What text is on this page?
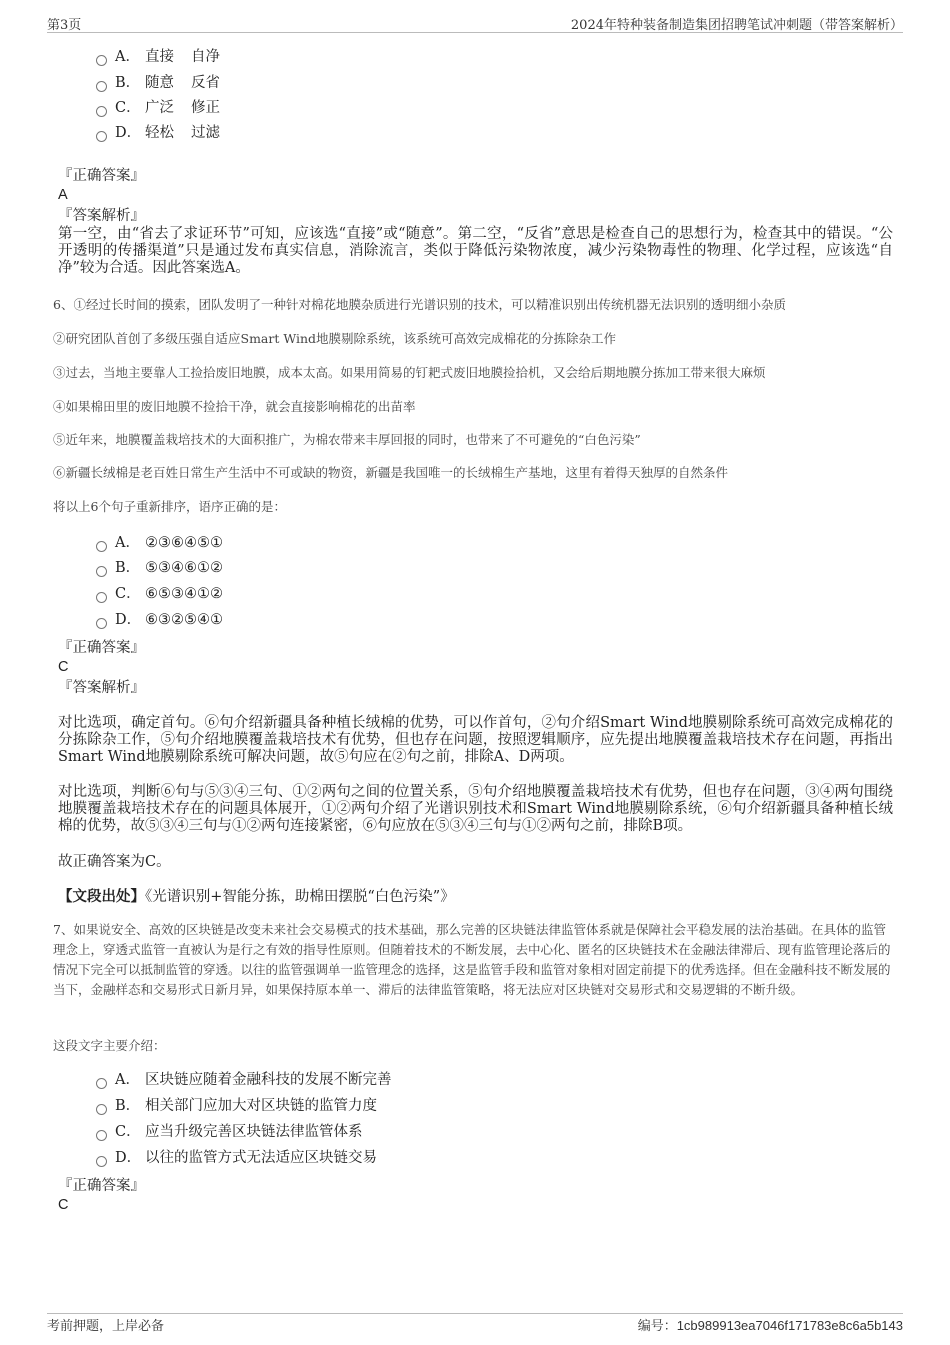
第3页	2024年特种装备制造集团招聘笔试冲刺题（带答案解析）
A． 直接 自净
B． 随意 反省
C． 广泛 修正
D． 轻松 过滤
『正确答案』
A
『答案解析』
第一空，由“省去了求证环节”可知，应该选“直接”或“随意”。第二空，“反省”意思是检查自己的思想行为，检查其中的错误。“公开透明的传播渠道”只是通过发布真实信息，消除流言，类似于降低污染物浓度，减少污染物毒性的物理、化学过程，应该选“自净”较为合适。因此答案选A。
6、①经过长时间的摸索，团队发明了一种针对棉花地膜杂质进行光谱识别的技术，可以精准识别出传统机器无法识别的透明细小杂质
②研究团队首创了多级压强自适应Smart Wind地膜剔除系统，该系统可高效完成棉花的分拣除杂工作
③过去，当地主要靠人工捡拾废旧地膜，成本太高。如果用简易的钉耙式废旧地膜捡拾机，又会给后期地膜分拣加工带来很大麻烦
④如果棉田里的废旧地膜不捡拾干净，就会直接影响棉花的出苗率
⑤近年来，地膜覆盖栽培技术的大面积推广，为棉农带来丰厚回报的同时，也带来了不可避免的“白色污染”
⑥新疆长绒棉是老百姓日常生产生活中不可或缺的物资，新疆是我国唯一的长绒棉生产基地，这里有着得天独厚的自然条件
将以上6个句子重新排序，语序正确的是：
A． ②③⑥④⑤①
B． ⑤③④⑥①②
C． ⑥⑤③④①②
D． ⑥③②⑤④①
『正确答案』
C
『答案解析』
对比选项，确定首句。⑥句介绍新疆具备种植长绒棉的优势，可以作首句，②句介绍Smart Wind地膜剔除系统可高效完成棉花的分拣除杂工作，⑤句介绍地膜覆盖栽培技术有优势，但也存在问题，按照逻辑顺序，应先提出地膜覆盖栽培技术存在问题，再指出Smart Wind地膜剔除系统可解决问题，故⑤句应在②句之前，排除A、D两项。
对比选项，判断⑥句与⑤③④三句、①②两句之间的位置关系，⑤句介绍地膜覆盖栽培技术有优势，但也存在问题，③④两句围绕地膜覆盖栽培技术存在的问题具体展开，①②两句介绍了光谱识别技术和Smart Wind地膜剔除系统，⑥句介绍新疆具备种植长绒棉的优势，故⑤③④三句与①②两句连接紧密，⑥句应放在⑤③④三句与①②两句之前，排除B项。
故正确答案为C。
【文段出处】《光谱识别+智能分拣，助棉田摆脱“白色污染”》
7、如果说安全、高效的区块链是改变未来社会交易模式的技术基础，那么完善的区块链法律监管体系就是保障社会平稳发展的法治基础。在具体的监管理念上，穿透式监管一直被认为是行之有效的指导性原则。但随着技术的不断发展，去中心化、匿名的区块链技术在金融法律滞后、现有监管理论落后的情况下完全可以抵制监管的穿透。以往的监管强调单一监管理念的选择，这是监管手段和监管对象相对固定前提下的优秀选择。但在金融科技不断发展的当下，金融样态和交易形式日新月异，如果保持原本单一、滞后的法律监管策略，将无法应对区块链对交易形式和交易逻辑的不断升级。
这段文字主要介绍：
A． 区块链应随着金融科技的发展不断完善
B． 相关部门应加大对区块链的监管力度
C． 应当升级完善区块链法律监管体系
D． 以往的监管方式无法适应区块链交易
『正确答案』
C
考前押题，上岸必备	编号：1cb989913ea7046f171783e8c6a5b143
